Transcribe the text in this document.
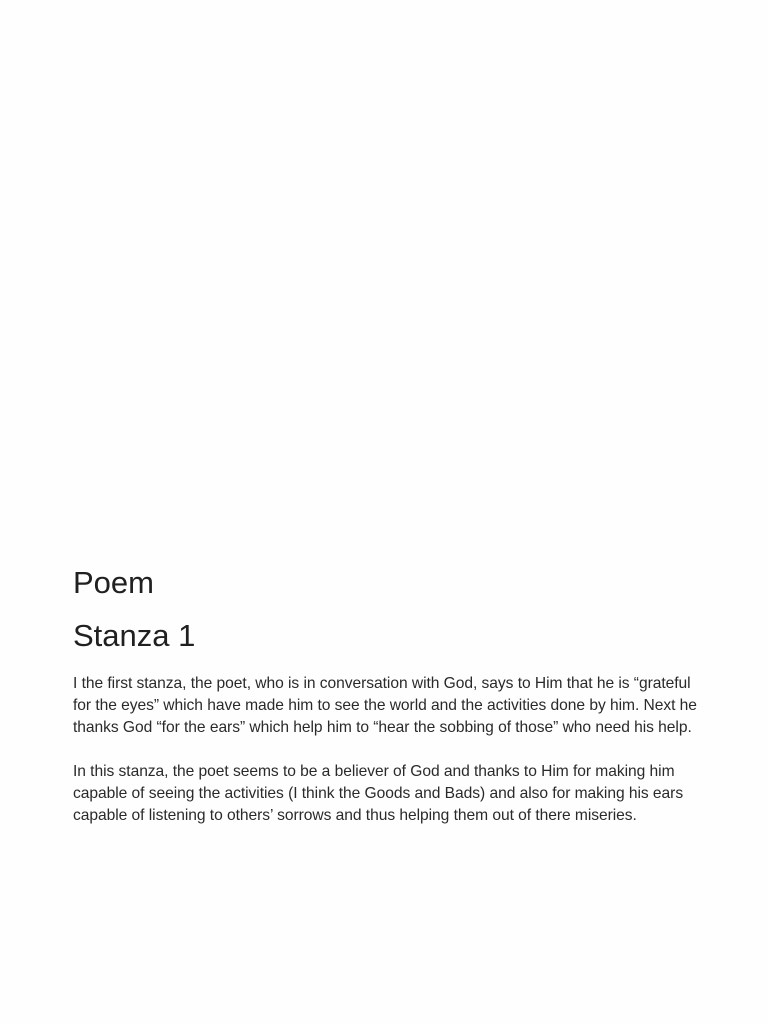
Poem
Stanza 1

I the first stanza, the poet, who is in conversation with God, says to Him that he is “grateful for the eyes” which have made him to see the world and the activities done by him. Next he thanks God “for the ears” which help him to “hear the sobbing of those” who need his help.

In this stanza, the poet seems to be a believer of God and thanks to Him for making him capable of seeing the activities (I think the Goods and Bads) and also for making his ears capable of listening to others’ sorrows and thus helping them out of there miseries.
